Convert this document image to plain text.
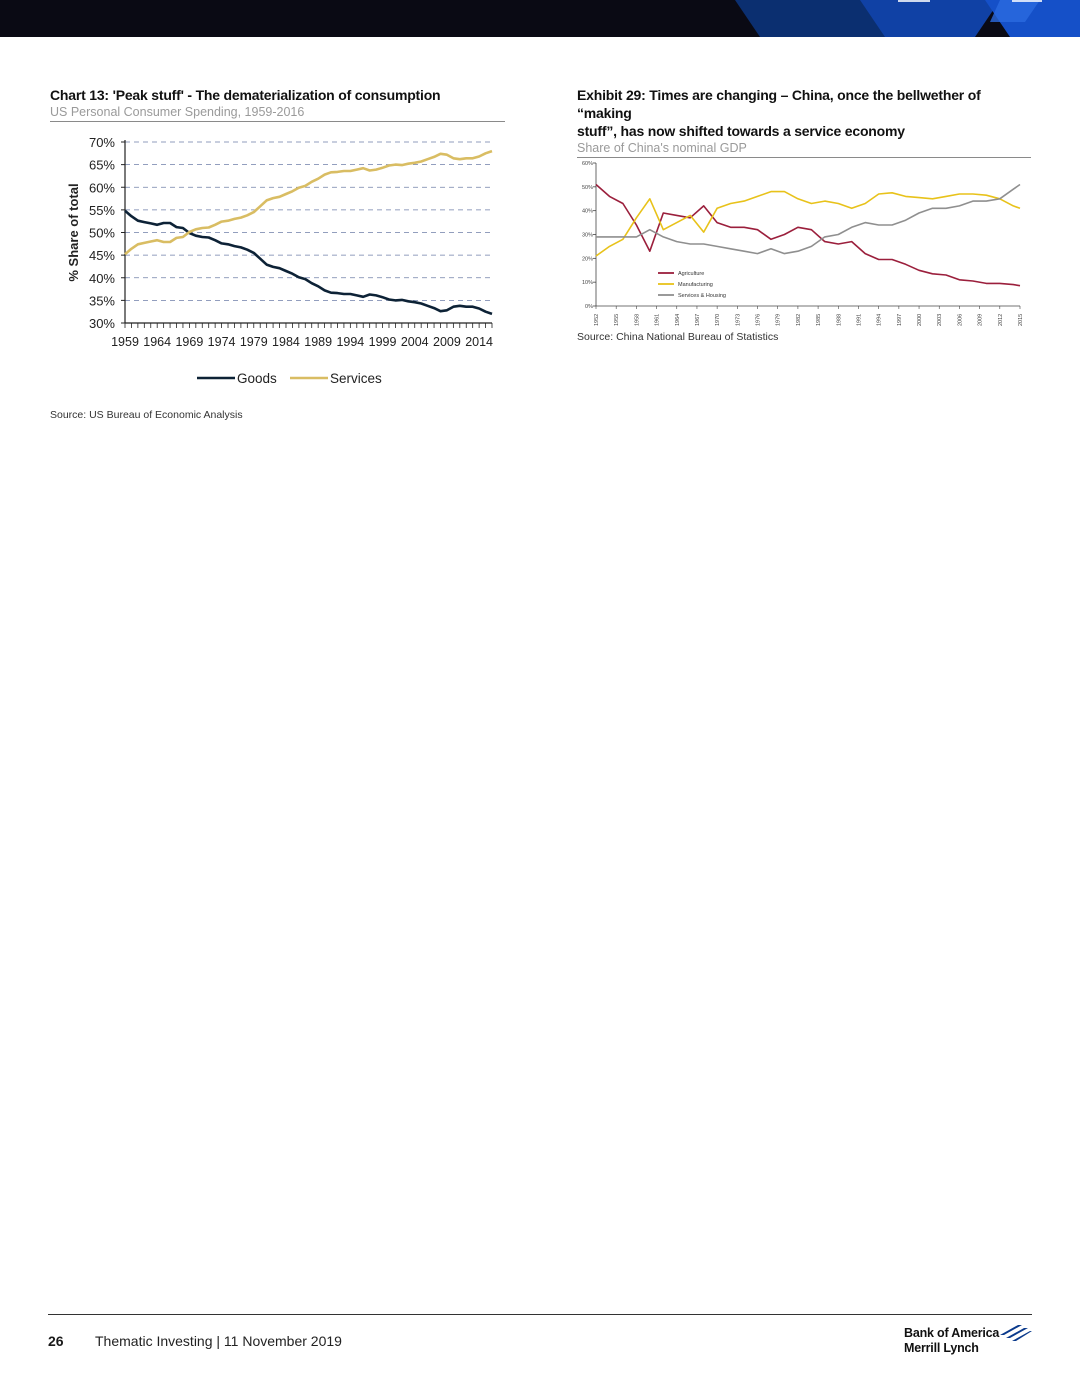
Chart 13: 'Peak stuff' - The dematerialization of consumption
US Personal Consumer Spending, 1959-2016
70%
65%
60%
55%
50%
45%
40%
35%
30%
1959 1964 1969 1974 1979 1984 1989 1994 1999 2004 2009 2014
% Share of total
Goods	Services
Source: US Bureau of Economic Analysis
Exhibit 29: Times are changing – China, once the bellwether of “making
stuff”, has now shifted towards a service economy
Share of China's nominal GDP
60%
50%
40%
30%
20%
10%
0%
1952	1955	1958	1961	1964	1967	1970	1973	1976	1979	1982	1985	1988	1991	1994	1997	2000	2003	2006	2009	2012	2015
Agriculture
Manufacturing
Services & Housing
Source: China National Bureau of Statistics
26 Thematic Investing | 11 November 2019	Bank of America
Merrill Lynch
